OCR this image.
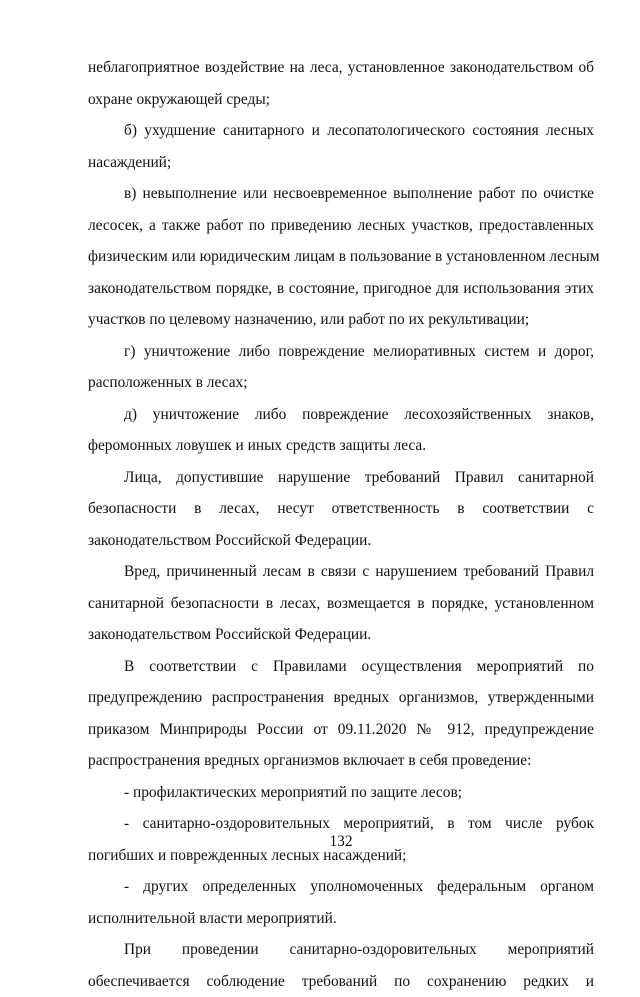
неблагоприятное воздействие на леса, установленное законодательством об
охране окружающей среды;
б) ухудшение санитарного и лесопатологического состояния лесных
насаждений;
в) невыполнение или несвоевременное выполнение работ по очистке
лесосек, а также работ по приведению лесных участков, предоставленных
физическим или юридическим лицам в пользование в установленном лесным
законодательством порядке, в состояние, пригодное для использования этих
участков по целевому назначению, или работ по их рекультивации;
г) уничтожение либо повреждение мелиоративных систем и дорог,
расположенных в лесах;
д) уничтожение либо повреждение лесохозяйственных знаков,
феромонных ловушек и иных средств защиты леса.
Лица, допустившие нарушение требований Правил санитарной
безопасности в лесах, несут ответственность в соответствии с
законодательством Российской Федерации.
Вред, причиненный лесам в связи с нарушением требований Правил
санитарной безопасности в лесах, возмещается в порядке, установленном
законодательством Российской Федерации.
В соответствии с Правилами осуществления мероприятий по
предупреждению распространения вредных организмов, утвержденными
приказом Минприроды России от 09.11.2020 № 912, предупреждение
распространения вредных организмов включает в себя проведение:
- профилактических мероприятий по защите лесов;
- санитарно-оздоровительных мероприятий, в том числе рубок
погибших и поврежденных лесных насаждений;
- других определенных уполномоченных федеральным органом
исполнительной власти мероприятий.
При проведении санитарно-оздоровительных мероприятий
обеспечивается соблюдение требований по сохранению редких и
132
